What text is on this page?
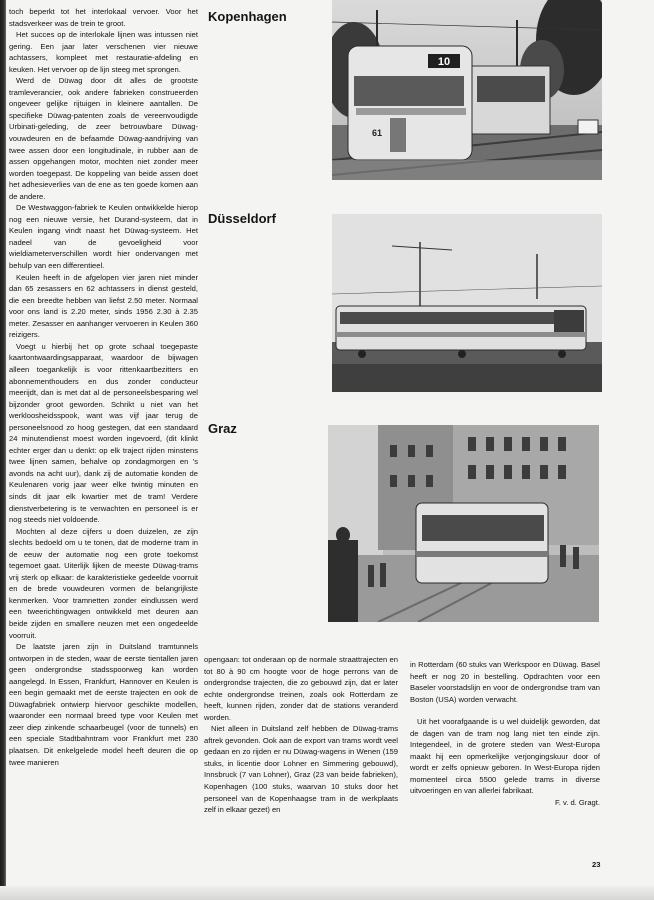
toch beperkt tot het interlokaal vervoer. Voor het stadsverkeer was de trein te groot.

Het succes op de interlokale lijnen was intussen niet gering. Een jaar later verschenen vier nieuwe achtassers, kompleet met restauratie-afdeling en keuken. Het vervoer op de lijn steeg met sprongen.

Werd de Düwag door dit alles de grootste tramleverancier, ook andere fabrieken construeerden ongeveer gelijke rijtuigen in kleinere aantallen. De specifieke Düwag-patenten zoals de vereenvoudigde Urbinati-geleding, de zeer betrouwbare Düwag-vouwdeuren en de befaamde Düwag-aandrijving van twee assen door een longitudinale, in rubber aan de assen opgehangen motor, mochten niet zonder meer worden toegepast. De koppeling van beide assen doet het adhesieverlies van de ene as ten goede komen aan de andere.

De Westwaggon-fabriek te Keulen ontwikkelde hierop nog een nieuwe versie, het Durand-systeem, dat in Keulen ingang vindt naast het Düwag-systeem. Het nadeel van de gevoeligheid voor wieldiameterverschillen wordt hier ondervangen met behulp van een differentieel.

Keulen heeft in de afgelopen vier jaren niet minder dan 65 zesassers en 62 achtassers in dienst gesteld, die een breedte hebben van liefst 2.50 meter. Normaal voor ons land is 2.20 meter, sinds 1956 2.30 à 2.35 meter. Zesasser en aanhanger vervoeren in Keulen 360 reizigers.

Voegt u hierbij het op grote schaal toegepaste kaartontwaardingsapparaat, waardoor de bijwagen alleen toegankelijk is voor rittenkaartbezitters en abonnementhouders en dus zonder conducteur meerijdt, dan is met dat al de personeelsbesparing wel bijzonder groot geworden. Schrikt u niet van het werkloosheidsspook, want was vijf jaar terug de personeelsnood zo hoog gestegen, dat een standaard 24 minutendienst moest worden ingevoerd, (dit klinkt echter erger dan u denkt: op elk traject rijden minstens twee lijnen samen, behalve op zondagmorgen en 's avonds na acht uur), dank zij de automatie konden de Keulenaren vorig jaar weer elke twintig minuten en sinds dit jaar elk kwartier met de tram! Verdere dienstverbetering is te verwachten en personeel is er nog steeds niet voldoende.

Mochten al deze cijfers u doen duizelen, ze zijn slechts bedoeld om u te tonen, dat de moderne tram in de eeuw der automatie nog een grote toekomst tegemoet gaat. Uiterlijk lijken de meeste Düwag-trams vrij sterk op elkaar: de karakteristieke gedeelde voorruit en de brede vouwdeuren vormen de belangrijkste kenmerken. Voor tramnetten zonder eindlussen werd een tweerichtingwagen ontwikkeld met deuren aan beide zijden en smallere neuzen met een ongedeelde voorruit.

De laatste jaren zijn in Duitsland tramtunnels ontworpen in de steden, waar de eerste tientallen jaren geen ondergrondse stadsspoorweg kan worden aangelegd. In Essen, Frankfurt, Hannover en Keulen is een begin gemaakt met de eerste trajecten en ook de Düwagfabriek ontwierp hiervoor geschikte modellen, waaronder een normaal breed type voor Keulen met zeer diep zinkende schaarbeugel (voor de tunnels) en een speciale Stadtbahntram voor Frankfurt met 230 plaatsen. Dit enkelgelede model heeft deuren die op twee manieren

Kopenhagen
Düsseldorf
Graz
10
61

opengaan: tot onderaan op de normale straattrajecten en tot 80 à 90 cm hoogte voor de hoge perrons van de ondergrondse trajecten, die zo gebouwd zijn, dat er later echte ondergrondse treinen, zoals ook Rotterdam ze heeft, kunnen rijden, zonder dat de stations veranderd worden.

Niet alleen in Duitsland zelf hebben de Düwag-trams aftrek gevonden. Ook aan de export van trams wordt veel gedaan en zo rijden er nu Düwag-wagens in Wenen (159 stuks, in licentie door Lohner en Simmering gebouwd), Innsbruck (7 van Lohner), Graz (23 van beide fabrieken), Kopenhagen (100 stuks, waarvan 10 stuks door het personeel van de Kopenhaagse tram in de werkplaats zelf in elkaar gezet) en

in Rotterdam (60 stuks van Werkspoor en Düwag. Basel heeft er nog 20 in bestelling. Opdrachten voor een Baseler voorstadslijn en voor de ondergrondse tram van Boston (USA) worden verwacht.

Uit het voorafgaande is u wel duidelijk geworden, dat de dagen van de tram nog lang niet ten einde zijn. Integendeel, in de grotere steden van West-Europa maakt hij een opmerkelijke verjongingskuur door of wordt er zelfs opnieuw geboren. In West-Europa rijden momenteel circa 5500 gelede trams in diverse uitvoeringen en van allerlei fabrikaat.

F. v. d. Gragt.

23
